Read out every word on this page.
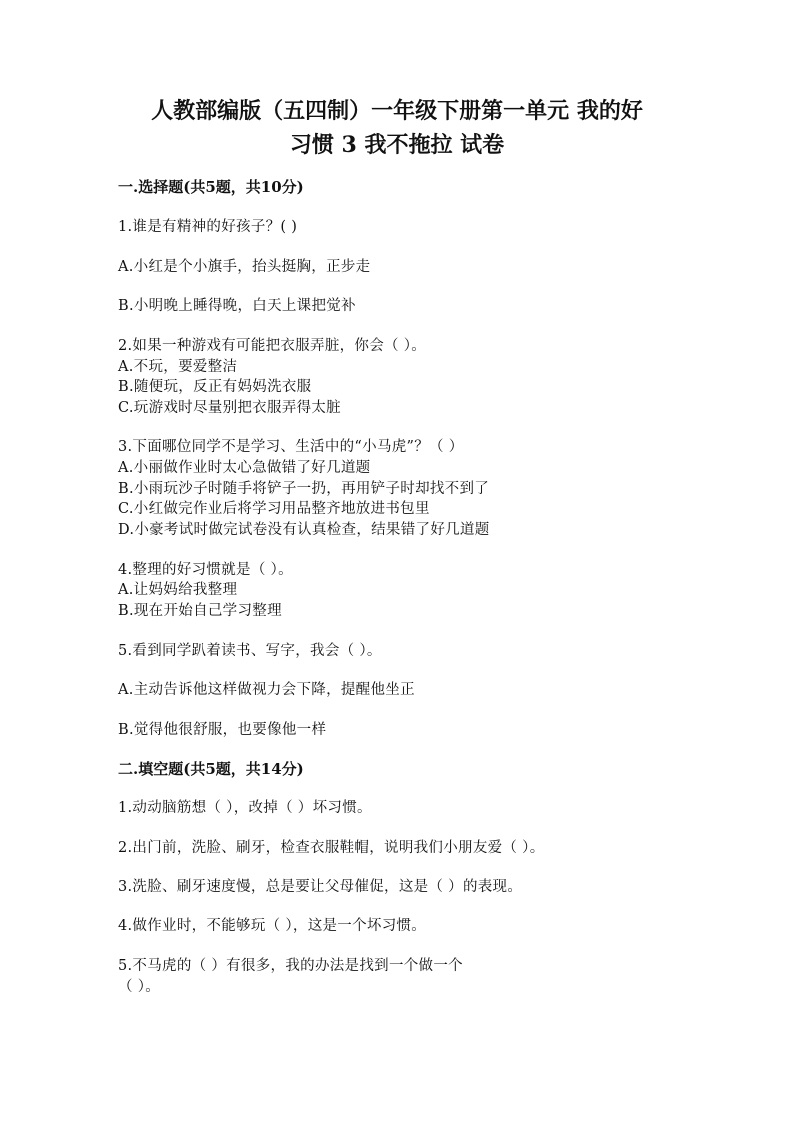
人教部编版（五四制）一年级下册第一单元 我的好
习惯 3 我不拖拉 试卷
一.选择题(共5题，共10分)
1.谁是有精神的好孩子？( )
A.小红是个小旗手，抬头挺胸，正步走
B.小明晚上睡得晚，白天上课把觉补
2.如果一种游戏有可能把衣服弄脏，你会（ ）。
A.不玩，要爱整洁
B.随便玩，反正有妈妈洗衣服
C.玩游戏时尽量别把衣服弄得太脏
3.下面哪位同学不是学习、生活中的“小马虎”？（ ）
A.小丽做作业时太心急做错了好几道题
B.小雨玩沙子时随手将铲子一扔，再用铲子时却找不到了
C.小红做完作业后将学习用品整齐地放进书包里
D.小豪考试时做完试卷没有认真检查，结果错了好几道题
4.整理的好习惯就是（ ）。
A.让妈妈给我整理
B.现在开始自己学习整理
5.看到同学趴着读书、写字，我会（ ）。
A.主动告诉他这样做视力会下降，提醒他坐正
B.觉得他很舒服，也要像他一样
二.填空题(共5题，共14分)
1.动动脑筋想（ ），改掉（ ）坏习惯。
2.出门前，洗脸、刷牙，检查衣服鞋帽，说明我们小朋友爱（ ）。
3.洗脸、刷牙速度慢，总是要让父母催促，这是（ ）的表现。
4.做作业时，不能够玩（ ），这是一个坏习惯。
5.不马虎的（ ）有很多，我的办法是找到一个做一个
（ ）。
